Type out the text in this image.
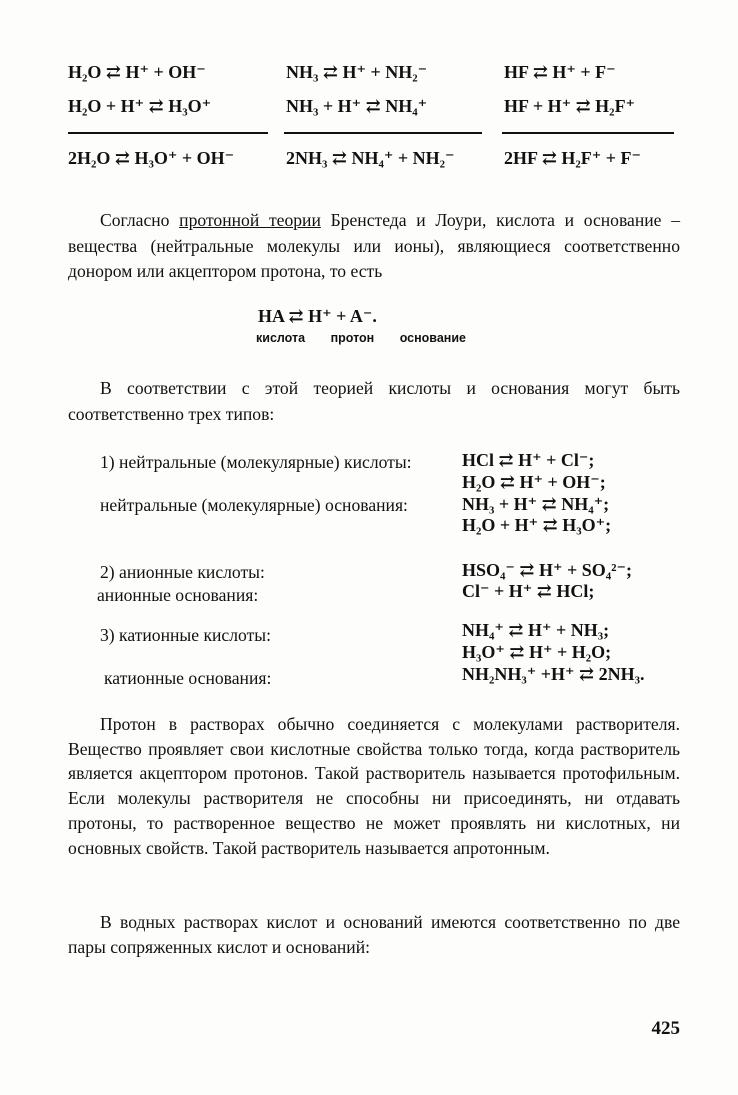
H₂O ⇄ H⁺ + OH⁻	NH₃ ⇄ H⁺ + NH₂⁻	HF ⇄ H⁺ + F⁻
H₂O + H⁺ ⇄ H₃O⁺	NH₃ + H⁺ ⇄ NH₄⁺	HF + H⁺ ⇄ H₂F⁺
2H₂O ⇄ H₃O⁺ + OH⁻	2NH₃ ⇄ NH₄⁺ + NH₂⁻	2HF ⇄ H₂F⁺ + F⁻

Согласно протонной теории Бренстеда и Лоури, кислота и основание – вещества (нейтральные молекулы или ионы), являющиеся соответственно донором или акцептором протона, то есть

HA ⇄ H⁺ + A⁻.
кислота протон основание

В соответствии с этой теорией кислоты и основания могут быть соответственно трех типов:

1) нейтральные (молекулярные) кислоты:	HCl ⇄ H⁺ + Cl⁻;
H₂O ⇄ H⁺ + OH⁻;
нейтральные (молекулярные) основания:	NH₃ + H⁺ ⇄ NH₄⁺;
H₂O + H⁺ ⇄ H₃O⁺;
2) анионные кислоты:	HSO₄⁻ ⇄ H⁺ + SO₄²⁻;
анионные основания:	Cl⁻ + H⁺ ⇄ HCl;
3) катионные кислоты:	NH₄⁺ ⇄ H⁺ + NH₃;
H₃O⁺ ⇄ H⁺ + H₂O;
катионные основания:	NH₂NH₃⁺ +H⁺ ⇄ 2NH₃.

Протон в растворах обычно соединяется с молекулами растворителя. Вещество проявляет свои кислотные свойства только тогда, когда растворитель является акцептором протонов. Такой растворитель называется протофильным. Если молекулы растворителя не способны ни присоединять, ни отдавать протоны, то растворенное вещество не может проявлять ни кислотных, ни основных свойств. Такой растворитель называется апротонным.

В водных растворах кислот и оснований имеются соответственно по две пары сопряженных кислот и оснований:

425
